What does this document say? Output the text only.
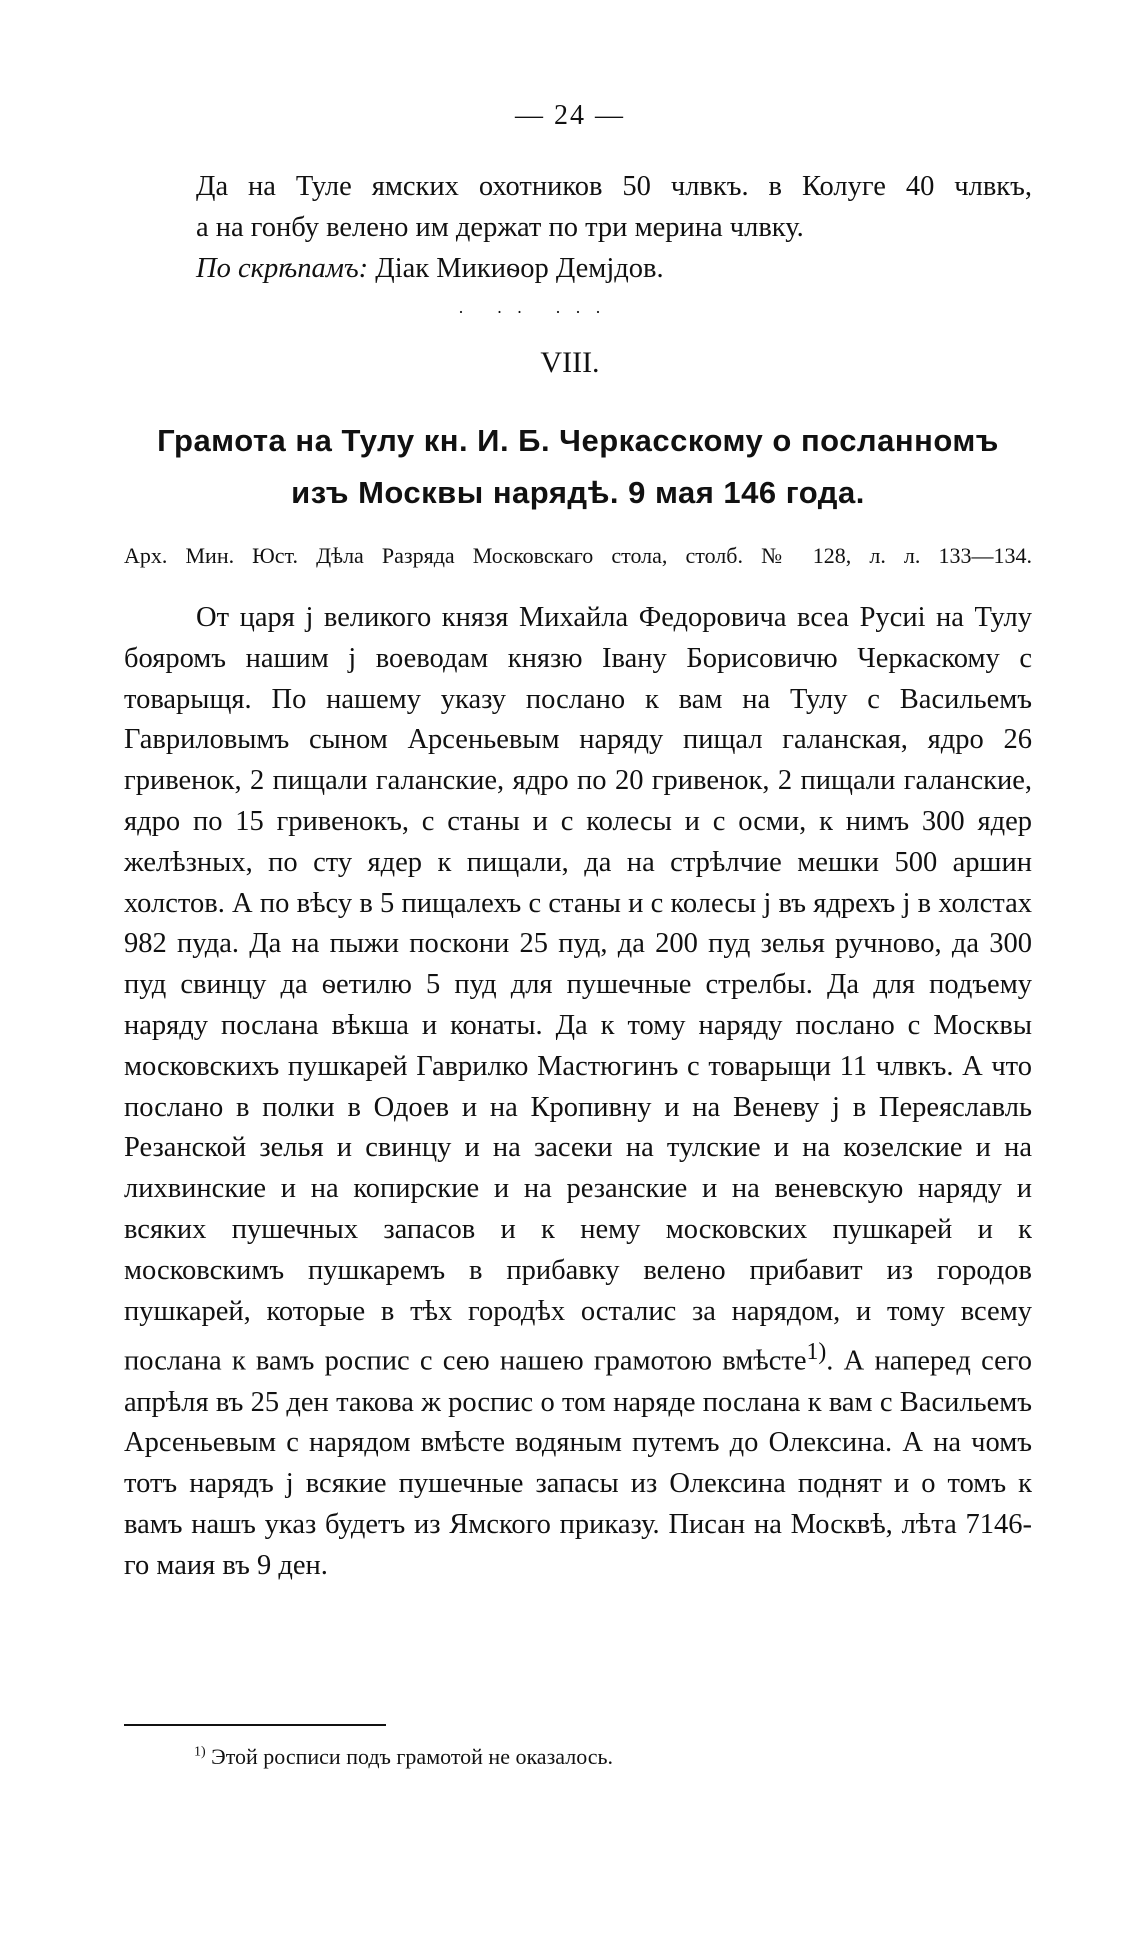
— 24 —

Да на Туле ямских охотников 50 члвкъ. в Колуге 40 члвкъ,

а на гонбу велено им держат по три мерина члвку.

По скрѣпамъ: Дiак Микиѳор Демjдов.

· ·· ···
VIII.
Грамота на Тулу кн. И. Б. Черкасскому о посланномъ изъ Москвы нарядѣ. 9 мая 146 года.
Арх. Мин. Юст. Дѣла Разряда Московскаго стола, столб. № 128, л. л. 133—134.

От царя j великого князя Михайла Федоровича всеа Русиi на Тулу бояромъ нашим j воеводам князю Iвану Борисовичю Черкаскому с товарыщя. По нашему указу послано к вам на Тулу с Васильемъ Гавриловымъ сыном Арсеньевым наряду пищал галанская, ядро 26 гривенок, 2 пищали галанские, ядро по 20 гривенок, 2 пищали галанские, ядро по 15 гривенокъ, с станы и с колесы и с осми, к нимъ 300 ядер желѣзных, по сту ядер к пищали, да на стрѣлчие мешки 500 аршин холстов. А по вѣсу в 5 пищалехъ с станы и с колесы j въ ядрехъ j в холстах 982 пуда. Да на пыжи поскони 25 пуд, да 200 пуд зелья ручново, да 300 пуд свинцу да ѳетилю 5 пуд для пушечные стрелбы. Да для подъему наряду послана вѣкша и конаты. Да к тому наряду послано с Москвы московскихъ пушкарей Гаврилко Мастюгинъ с товарыщи 11 члвкъ. А что послано в полки в Одоев и на Кропивну и на Веневу j в Переяславль Резанской зелья и свинцу и на засеки на тулские и на козелские и на лихвинские и на копирские и на резанские и на веневскую наряду и всяких пушечных запасов и к нему московских пушкарей и к московскимъ пушкаремъ в прибавку велено прибавит из городов пушкарей, которые в тѣх городѣх осталис за нарядом, и тому всему послана к вамъ роспис с сею нашею грамотою вмѣсте$^{1)}$. А наперед сего апрѣля въ 25 ден такова ж роспис о том наряде послана к вам с Васильемъ Арсеньевым с нарядом вмѣсте водяным путемъ до Олексина. А на чомъ тотъ нарядъ j всякие пушечные запасы из Олексина поднят и о томъ к вамъ нашъ указ будетъ из Ямского приказу. Писан на Москвѣ, лѣта 7146-го маия въ 9 ден.

$^{1)}$ Этой росписи подъ грамотой не оказалось.
